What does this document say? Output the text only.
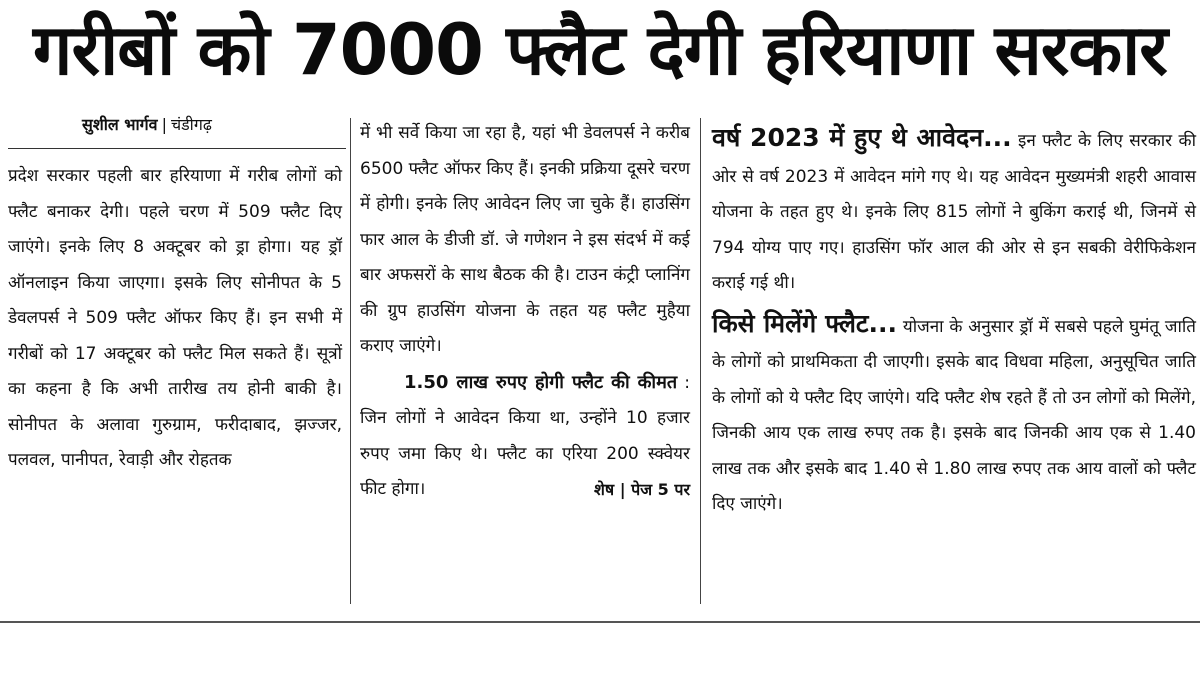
गरीबों को 7000 फ्लैट देगी हरियाणा सरकार
सुशील भार्गव | चंडीगढ़

प्रदेश सरकार पहली बार हरियाणा में गरीब लोगों को फ्लैट बनाकर देगी। पहले चरण में 509 फ्लैट दिए जाएंगे। इनके लिए 8 अक्टूबर को ड्रा होगा। यह ड्रॉ ऑनलाइन किया जाएगा। इसके लिए सोनीपत के 5 डेवलपर्स ने 509 फ्लैट ऑफर किए हैं। इन सभी में गरीबों को 17 अक्टूबर को फ्लैट मिल सकते हैं। सूत्रों का कहना है कि अभी तारीख तय होनी बाकी है। सोनीपत के अलावा गुरुग्राम, फरीदाबाद, झज्जर, पलवल, पानीपत, रेवाड़ी और रोहतक

में भी सर्वे किया जा रहा है, यहां भी डेवलपर्स ने करीब 6500 फ्लैट ऑफर किए हैं। इनकी प्रक्रिया दूसरे चरण में होगी। इनके लिए आवेदन लिए जा चुके हैं। हाउसिंग फार आल के डीजी डॉ. जे गणेशन ने इस संदर्भ में कई बार अफसरों के साथ बैठक की है। टाउन कंट्री प्लानिंग की ग्रुप हाउसिंग योजना के तहत यह फ्लैट मुहैया कराए जाएंगे।

1.50 लाख रुपए होगी फ्लैट की कीमत : जिन लोगों ने आवेदन किया था, उन्होंने 10 हजार रुपए जमा किए थे। फ्लैट का एरिया 200 स्क्वेयर फीट होगा।	शेष | पेज 5 पर

वर्ष 2023 में हुए थे आवेदन... इन फ्लैट के लिए सरकार की ओर से वर्ष 2023 में आवेदन मांगे गए थे। यह आवेदन मुख्यमंत्री शहरी आवास योजना के तहत हुए थे। इनके लिए 815 लोगों ने बुकिंग कराई थी, जिनमें से 794 योग्य पाए गए। हाउसिंग फॉर आल की ओर से इन सबकी वेरीफिकेशन कराई गई थी।

किसे मिलेंगे फ्लैट... योजना के अनुसार ड्रॉ में सबसे पहले घुमंतू जाति के लोगों को प्राथमिकता दी जाएगी। इसके बाद विधवा महिला, अनुसूचित जाति के लोगों को ये फ्लैट दिए जाएंगे। यदि फ्लैट शेष रहते हैं तो उन लोगों को मिलेंगे, जिनकी आय एक लाख रुपए तक है। इसके बाद जिनकी आय एक से 1.40 लाख तक और इसके बाद 1.40 से 1.80 लाख रुपए तक आय वालों को फ्लैट दिए जाएंगे।
